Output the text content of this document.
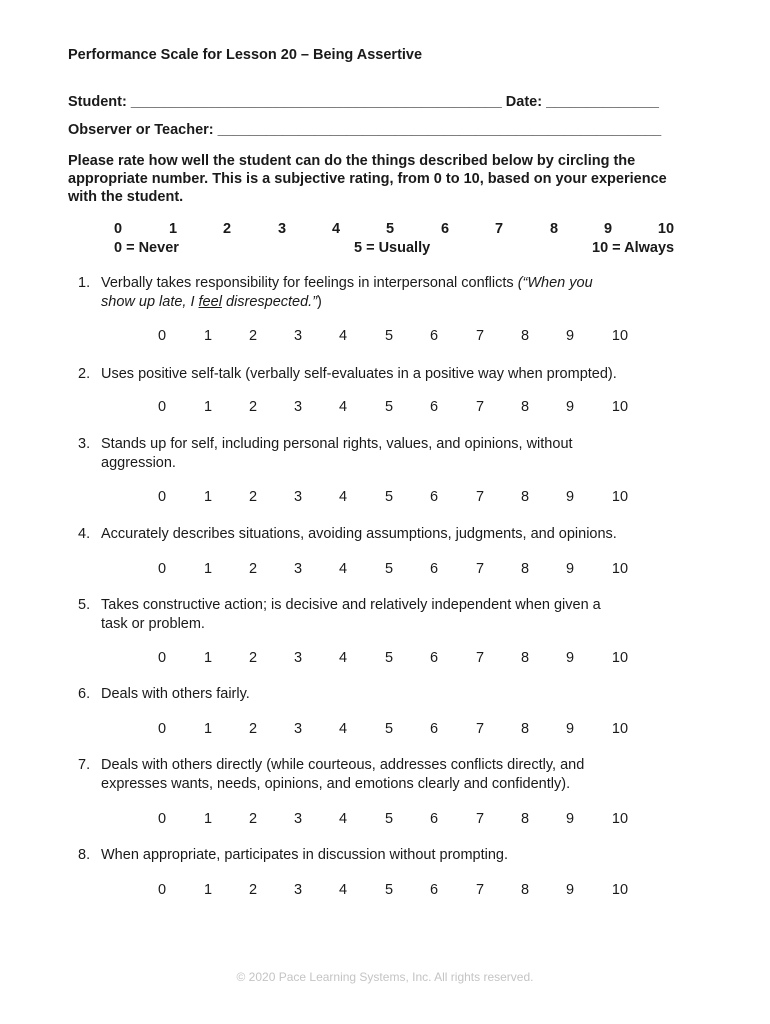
Performance Scale for Lesson 20 – Being Assertive
Student: ______________________________________________ Date: ______________
Observer or Teacher: _______________________________________________________
Please rate how well the student can do the things described below by circling the
appropriate number. This is a subjective rating, from 0 to 10, based on your experience
with the student.
0	1	2	3	4	5	6	7	8	9	10
0 = Never	5 = Usually	10 = Always
1. Verbally takes responsibility for feelings in interpersonal conflicts (“When you
show up late, I feel disrespected.”)
0	1	2	3	4	5	6	7	8	9	10
2. Uses positive self-talk (verbally self-evaluates in a positive way when prompted).
0	1	2	3	4	5	6	7	8	9	10
3. Stands up for self, including personal rights, values, and opinions, without
aggression.
0	1	2	3	4	5	6	7	8	9	10
4. Accurately describes situations, avoiding assumptions, judgments, and opinions.
0	1	2	3	4	5	6	7	8	9	10
5. Takes constructive action; is decisive and relatively independent when given a
task or problem.
0	1	2	3	4	5	6	7	8	9	10
6. Deals with others fairly.
0	1	2	3	4	5	6	7	8	9	10
7. Deals with others directly (while courteous, addresses conflicts directly, and
expresses wants, needs, opinions, and emotions clearly and confidently).
0	1	2	3	4	5	6	7	8	9	10
8. When appropriate, participates in discussion without prompting.
0	1	2	3	4	5	6	7	8	9	10
© 2020 Pace Learning Systems, Inc. All rights reserved.
